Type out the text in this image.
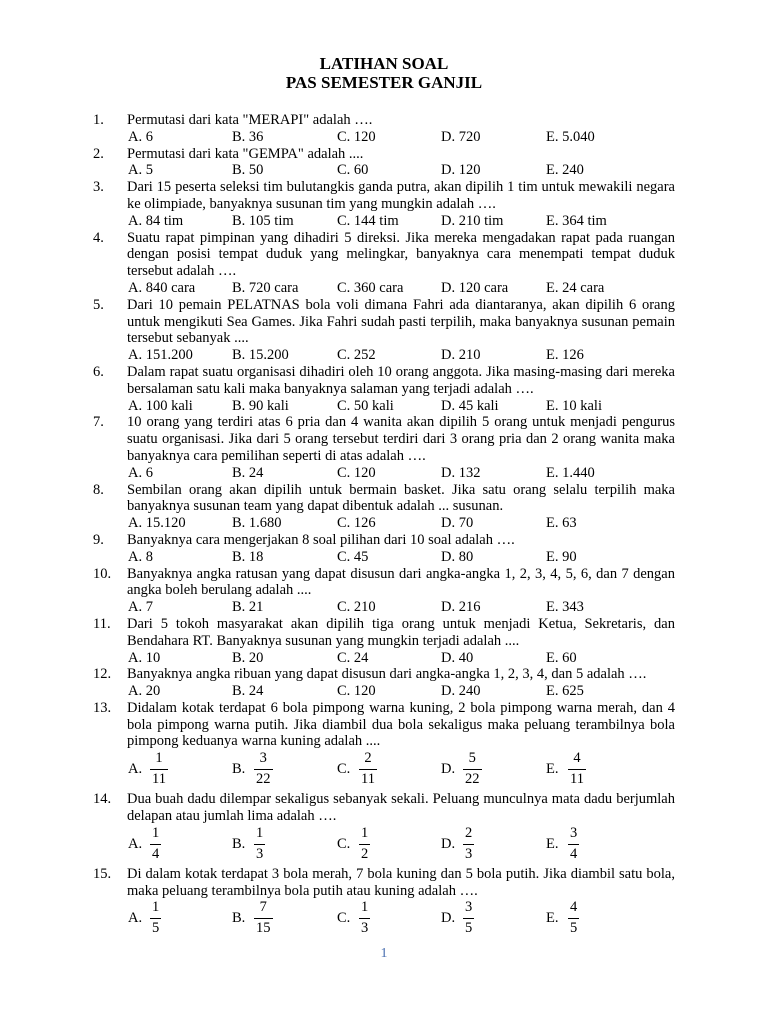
LATIHAN SOAL
PAS SEMESTER GANJIL
1. Permutasi dari kata "MERAPI" adalah ….
A. 6	B. 36	C. 120	D. 720	E. 5.040
2. Permutasi dari kata "GEMPA" adalah ....
A. 5	B. 50	C. 60	D. 120	E. 240
3. Dari 15 peserta seleksi tim bulutangkis ganda putra, akan dipilih 1 tim untuk mewakili negara ke olimpiade, banyaknya susunan tim yang mungkin adalah ….
A. 84 tim	B. 105 tim	C. 144 tim	D. 210 tim	E. 364 tim
4. Suatu rapat pimpinan yang dihadiri 5 direksi. Jika mereka mengadakan rapat pada ruangan dengan posisi tempat duduk yang melingkar, banyaknya cara menempati tempat duduk tersebut adalah ….
A. 840 cara	B. 720 cara	C. 360 cara	D. 120 cara	E. 24 cara
5. Dari 10 pemain PELATNAS bola voli dimana Fahri ada diantaranya, akan dipilih 6 orang untuk mengikuti Sea Games. Jika Fahri sudah pasti terpilih, maka banyaknya susunan pemain tersebut sebanyak ....
A. 151.200	B. 15.200	C. 252	D. 210	E. 126
6. Dalam rapat suatu organisasi dihadiri oleh 10 orang anggota. Jika masing-masing dari mereka bersalaman satu kali maka banyaknya salaman yang terjadi adalah ….
A. 100 kali	B. 90 kali	C. 50 kali	D. 45 kali	E. 10 kali
7. 10 orang yang terdiri atas 6 pria dan 4 wanita akan dipilih 5 orang untuk menjadi pengurus suatu organisasi. Jika dari 5 orang tersebut terdiri dari 3 orang pria dan 2 orang wanita maka banyaknya cara pemilihan seperti di atas adalah ….
A. 6	B. 24	C. 120	D. 132	E. 1.440
8. Sembilan orang akan dipilih untuk bermain basket. Jika satu orang selalu terpilih maka banyaknya susunan team yang dapat dibentuk adalah ... susunan.
A. 15.120	B. 1.680	C. 126	D. 70	E. 63
9. Banyaknya cara mengerjakan 8 soal pilihan dari 10 soal adalah ….
A. 8	B. 18	C. 45	D. 80	E. 90
10. Banyaknya angka ratusan yang dapat disusun dari angka-angka 1, 2, 3, 4, 5, 6, dan 7 dengan angka boleh berulang adalah ....
A. 7	B. 21	C. 210	D. 216	E. 343
11. Dari 5 tokoh masyarakat akan dipilih tiga orang untuk menjadi Ketua, Sekretaris, dan Bendahara RT. Banyaknya susunan yang mungkin terjadi adalah ....
A. 10	B. 20	C. 24	D. 40	E. 60
12. Banyaknya angka ribuan yang dapat disusun dari angka-angka 1, 2, 3, 4, dan 5 adalah ….
A. 20	B. 24	C. 120	D. 240	E. 625
13. Didalam kotak terdapat 6 bola pimpong warna kuning, 2 bola pimpong warna merah, dan 4 bola pimpong warna putih. Jika diambil dua bola sekaligus maka peluang terambilnya bola pimpong keduanya warna kuning adalah ....
A.
1
11
B.
3
22
C.
2
11
D.
5
22
E.
4
11
14. Dua buah dadu dilempar sekaligus sebanyak sekali. Peluang munculnya mata dadu berjumlah delapan atau jumlah lima adalah ….
A.
1
4
B.
1
3
C.
1
2
D.
2
3
E.
3
4
15. Di dalam kotak terdapat 3 bola merah, 7 bola kuning dan 5 bola putih. Jika diambil satu bola, maka peluang terambilnya bola putih atau kuning adalah ….
A.
1
5
B.
7
15
C.
1
3
D.
3
5
E.
4
5
1
